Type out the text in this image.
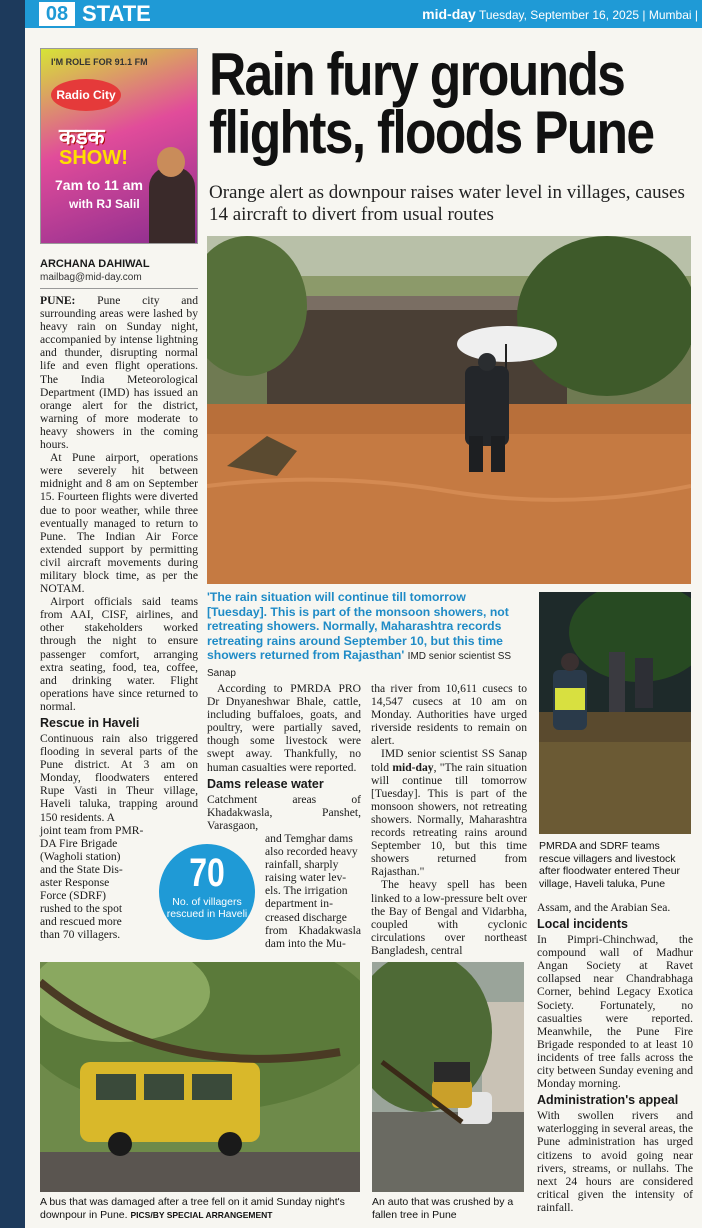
08 STATE	mid-day Tuesday, September 16, 2025 | Mumbai |
I'M ROLE FOR 91.1 FM
Radio City
कड़क
SHOW!
7am to 11 am
with RJ Salil
Rain fury grounds
flights, floods Pune
Orange alert as downpour raises water level in villages, causes 14 aircraft to divert from usual routes
ARCHANA DAHIWAL
mailbag@mid-day.com

PUNE: Pune city and surrounding areas were lashed by heavy rain on Sunday night, accompanied by intense lightning and thunder, disrupting normal life and even flight operations. The India Meteorological Department (IMD) has issued an orange alert for the district, warning of more moderate to heavy showers in the coming hours.

At Pune airport, operations were severely hit between midnight and 8 am on September 15. Fourteen flights were diverted due to poor weather, while three eventually managed to return to Pune. The Indian Air Force extended support by permitting civil aircraft movements during military block time, as per the NOTAM.

Airport officials said teams from AAI, CISF, airlines, and other stakeholders worked through the night to ensure passenger comfort, arranging extra seating, food, tea, coffee, and drinking water. Flight operations have since returned to normal.

Rescue in Haveli

Continuous rain also triggered flooding in several parts of the Pune district. At 3 am on Monday, floodwaters entered Rupe Vasti in Theur village, Haveli taluka, trapping around 150 residents. A

joint team from PMR-
DA Fire Brigade
(Wagholi station)
and the State Dis-
aster Response
Force (SDRF)
rushed to the spot
and rescued more
than 70 villagers.
'The rain situation will continue till tomorrow [Tuesday]. This is part of the monsoon showers, not retreating showers. Normally, Maharashtra records retreating rains around September 10, but this time showers returned from Rajasthan' IMD senior scientist SS Sanap

According to PMRDA PRO Dr Dnyaneshwar Bhale, cattle, including buffaloes, goats, and poultry, were partially saved, though some livestock were swept away. Thankfully, no human casualties were reported.

Dams release water

Catchment areas of Khadakwasla, Panshet, Varasgaon,

and Temghar dams
also recorded heavy
rainfall, sharply
raising water lev-
els. The irrigation
department in-
creased discharge

from Khadakwasla dam into the Mu-

70
No. of villagers rescued in Haveli

tha river from 10,611 cusecs to 14,547 cusecs at 10 am on Monday. Authorities have urged riverside residents to remain on alert.

IMD senior scientist SS Sanap told mid-day, "The rain situation will continue till tomorrow [Tuesday]. This is part of the monsoon showers, not retreating showers. Normally, Maharashtra records retreating rains around September 10, but this time showers returned from Rajasthan."

The heavy spell has been linked to a low-pressure belt over the Bay of Bengal and Vidarbha, coupled with cyclonic circulations over northeast Bangladesh, central

PMRDA and SDRF teams rescue villagers and livestock after floodwater entered Theur village, Haveli taluka, Pune

Assam, and the Arabian Sea.

Local incidents

In Pimpri-Chinchwad, the compound wall of Madhur Angan Society at Ravet collapsed near Chandrabhaga Corner, behind Legacy Exotica Society. Fortunately, no casualties were reported. Meanwhile, the Pune Fire Brigade responded to at least 10 incidents of tree falls across the city between Sunday evening and Monday morning.

Administration's appeal

With swollen rivers and waterlogging in several areas, the Pune administration has urged citizens to avoid going near rivers, streams, or nullahs. The next 24 hours are considered critical given the intensity of rainfall.

A bus that was damaged after a tree fell on it amid Sunday night's downpour in Pune. PICS/BY SPECIAL ARRANGEMENT
An auto that was crushed by a fallen tree in Pune
